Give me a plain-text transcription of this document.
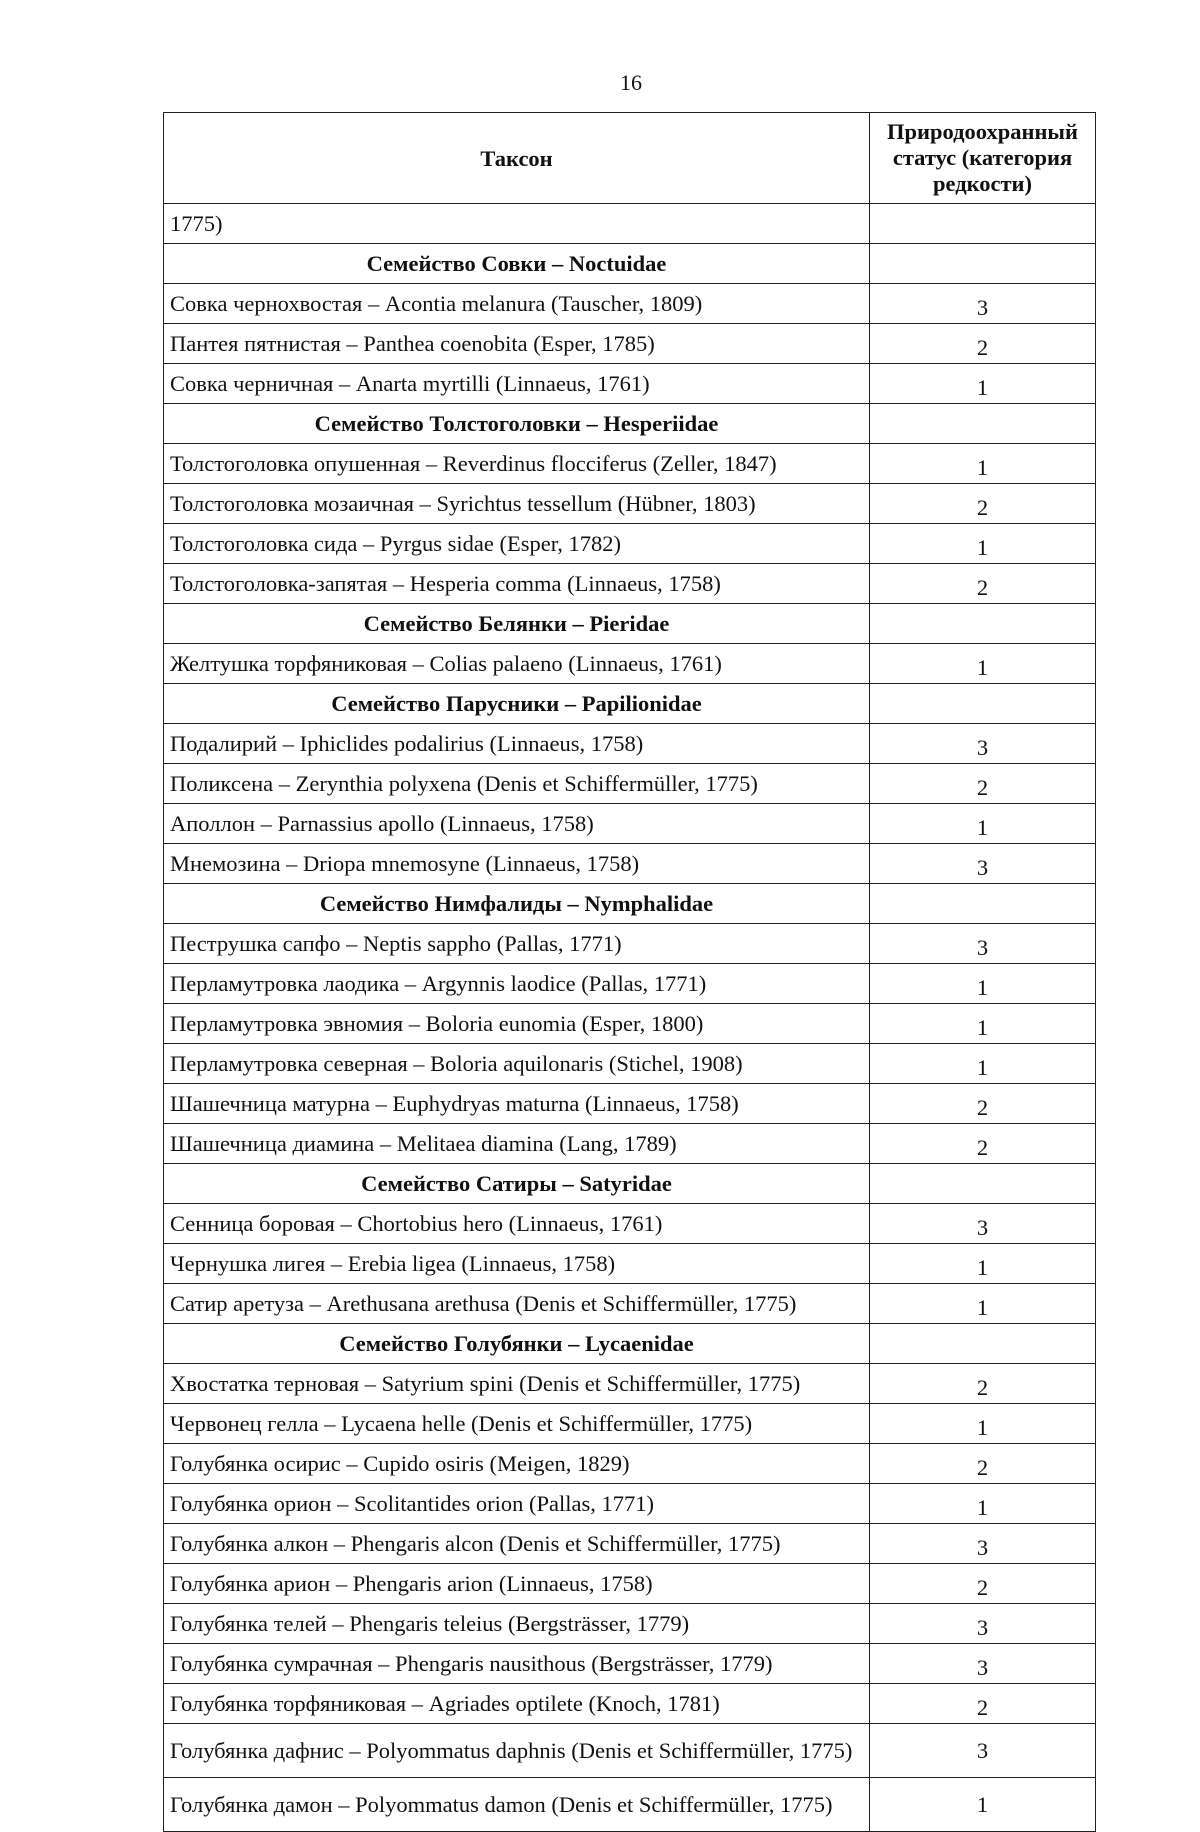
16
Таксон	Природоохранный статус (категория редкости)
1775)	
Семейство Совки – Noctuidae	
Совка чернохвостая – Acontia melanura (Tauscher, 1809)	3
Пантея пятнистая – Panthea coenobita (Esper, 1785)	2
Совка черничная – Anarta myrtilli (Linnaeus, 1761)	1
Семейство Толстоголовки – Hesperiidae	
Толстоголовка опушенная – Reverdinus flocciferus (Zeller, 1847)	1
Толстоголовка мозаичная – Syrichtus tessellum (Hübner, 1803)	2
Толстоголовка сида – Pyrgus sidae (Esper, 1782)	1
Толстоголовка-запятая – Hesperia comma (Linnaeus, 1758)	2
Семейство Белянки – Pieridae	
Желтушка торфяниковая – Colias palaeno (Linnaeus, 1761)	1
Семейство Парусники – Papilionidae	
Подалирий – Iphiclides podalirius (Linnaeus, 1758)	3
Поликсена – Zerynthia polyxena (Denis et Schiffermüller, 1775)	2
Аполлон – Parnassius apollo (Linnaeus, 1758)	1
Мнемозина – Driopa mnemosyne (Linnaeus, 1758)	3
Семейство Нимфалиды – Nymphalidae	
Пеструшка сапфо – Neptis sappho (Pallas, 1771)	3
Перламутровка лаодика – Argynnis laodice (Pallas, 1771)	1
Перламутровка эвномия – Boloria eunomia (Esper, 1800)	1
Перламутровка северная – Boloria aquilonaris (Stichel, 1908)	1
Шашечница матурна – Euphydryas maturna (Linnaeus, 1758)	2
Шашечница диамина – Melitaea diamina (Lang, 1789)	2
Семейство Сатиры – Satyridae	
Сенница боровая – Chortobius hero (Linnaeus, 1761)	3
Чернушка лигея – Erebia ligea (Linnaeus, 1758)	1
Сатир аретуза – Arethusana arethusa (Denis et Schiffermüller, 1775)	1
Семейство Голубянки – Lycaenidae	
Хвостатка терновая – Satyrium spini (Denis et Schiffermüller, 1775)	2
Червонец гелла – Lycaena helle (Denis et Schiffermüller, 1775)	1
Голубянка осирис – Cupido osiris (Meigen, 1829)	2
Голубянка орион – Scolitantides orion (Pallas, 1771)	1
Голубянка алкон – Phengaris alcon (Denis et Schiffermüller, 1775)	3
Голубянка арион – Phengaris arion (Linnaeus, 1758)	2
Голубянка телей – Phengaris teleius (Bergsträsser, 1779)	3
Голубянка сумрачная – Phengaris nausithous (Bergsträsser, 1779)	3
Голубянка торфяниковая – Agriades optilete (Knoch, 1781)	2
Голубянка дафнис – Polyommatus daphnis (Denis et Schiffermüller, 1775)	3
Голубянка дамон – Polyommatus damon (Denis et Schiffermüller, 1775)	1
